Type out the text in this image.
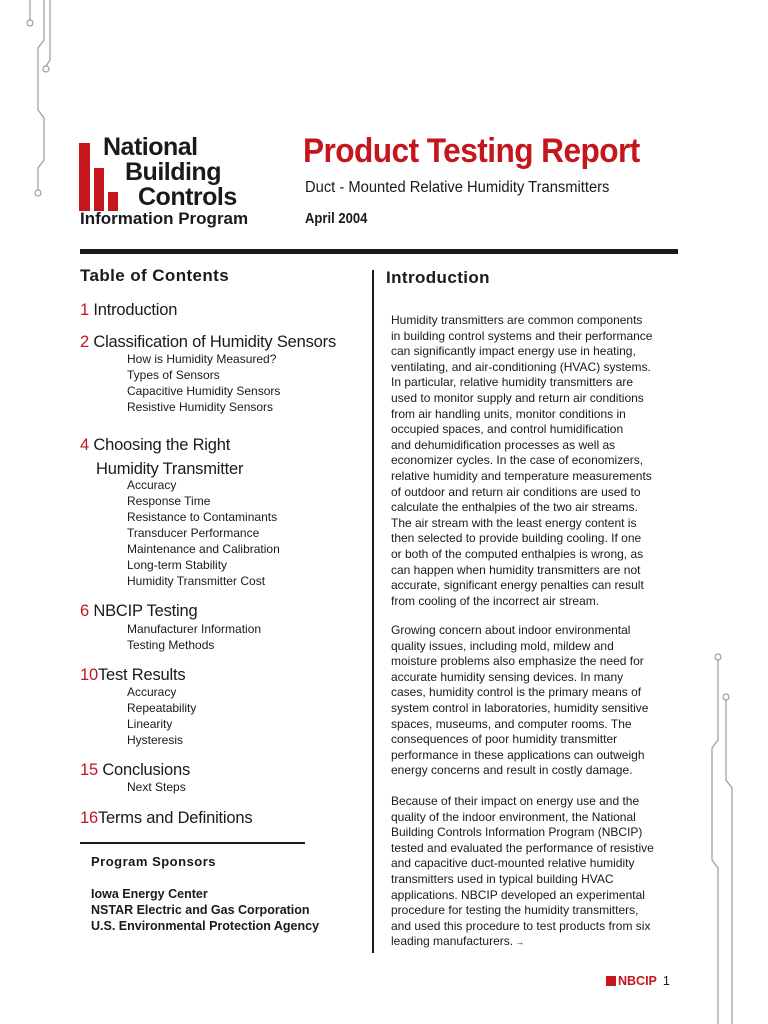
National
Building
Controls
Information Program
Product Testing Report
Duct - Mounted Relative Humidity Transmitters
April 2004
Table of Contents
1 Introduction
2 Classification of Humidity Sensors
How is Humidity Measured?
Types of Sensors
Capacitive Humidity Sensors
Resistive Humidity Sensors
4 Choosing the Right
Humidity Transmitter
Accuracy
Response Time
Resistance to Contaminants
Transducer Performance
Maintenance and Calibration
Long-term Stability
Humidity Transmitter Cost
6 NBCIP Testing
Manufacturer Information
Testing Methods
10Test Results
Accuracy
Repeatability
Linearity
Hysteresis
15 Conclusions
Next Steps
16Terms and Definitions
Program Sponsors
Iowa Energy Center
NSTAR Electric and Gas Corporation
U.S. Environmental Protection Agency
Introduction
Humidity transmitters are common components
in building control systems and their performance
can significantly impact energy use in heating,
ventilating, and air-conditioning (HVAC) systems.
In particular, relative humidity transmitters are
used to monitor supply and return air conditions
from air handling units, monitor conditions in
occupied spaces, and control humidification
and dehumidification processes as well as
economizer cycles. In the case of economizers,
relative humidity and temperature measurements
of outdoor and return air conditions are used to
calculate the enthalpies of the two air streams.
The air stream with the least energy content is
then selected to provide building cooling. If one
or both of the computed enthalpies is wrong, as
can happen when humidity transmitters are not
accurate, significant energy penalties can result
from cooling of the incorrect air stream.
Growing concern about indoor environmental
quality issues, including mold, mildew and
moisture problems also emphasize the need for
accurate humidity sensing devices. In many
cases, humidity control is the primary means of
system control in laboratories, humidity sensitive
spaces, museums, and computer rooms. The
consequences of poor humidity transmitter
performance in these applications can outweigh
energy concerns and result in costly damage.
Because of their impact on energy use and the
quality of the indoor environment, the National
Building Controls Information Program (NBCIP)
tested and evaluated the performance of resistive
and capacitive duct-mounted relative humidity
transmitters used in typical building HVAC
applications. NBCIP developed an experimental
procedure for testing the humidity transmitters,
and used this procedure to test products from six
leading manufacturers. →
NBCIP 1
